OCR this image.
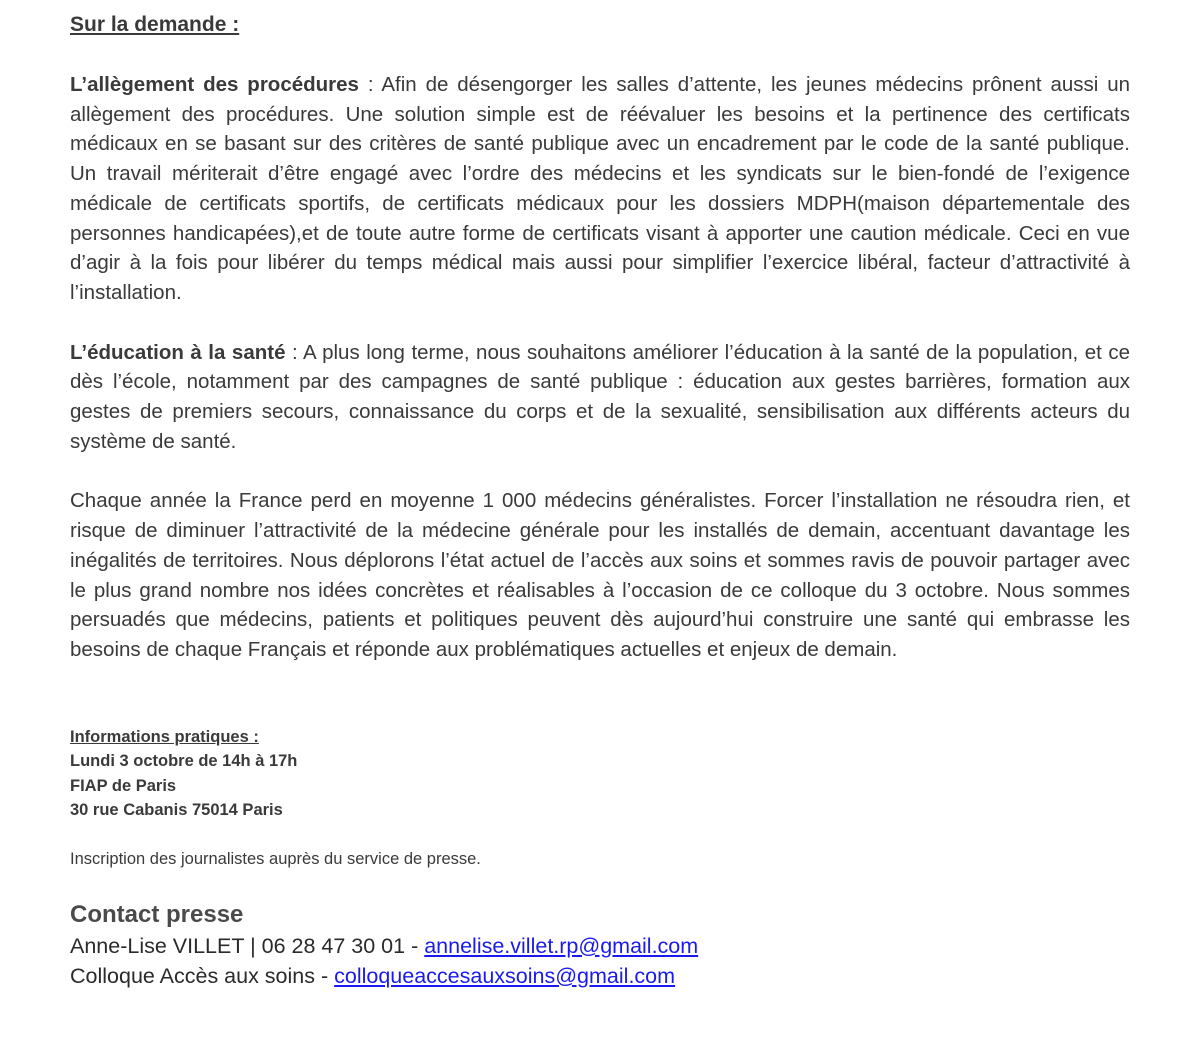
Sur la demande :

L’allègement des procédures : Afin de désengorger les salles d’attente, les jeunes médecins prônent aussi un allègement des procédures. Une solution simple est de réévaluer les besoins et la pertinence des certificats médicaux en se basant sur des critères de santé publique avec un encadrement par le code de la santé publique. Un travail mériterait d’être engagé avec l’ordre des médecins et les syndicats sur le bien-fondé de l’exigence médicale de certificats sportifs, de certificats médicaux pour les dossiers MDPH(maison départementale des personnes handicapées),et de toute autre forme de certificats visant à apporter une caution médicale. Ceci en vue d’agir à la fois pour libérer du temps médical mais aussi pour simplifier l’exercice libéral, facteur d’attractivité à l’installation.

L’éducation à la santé : A plus long terme, nous souhaitons améliorer l’éducation à la santé de la population, et ce dès l’école, notamment par des campagnes de santé publique : éducation aux gestes barrières, formation aux gestes de premiers secours, connaissance du corps et de la sexualité, sensibilisation aux différents acteurs du système de santé.

Chaque année la France perd en moyenne 1 000 médecins généralistes. Forcer l’installation ne résoudra rien, et risque de diminuer l’attractivité de la médecine générale pour les installés de demain, accentuant davantage les inégalités de territoires. Nous déplorons l’état actuel de l’accès aux soins et sommes ravis de pouvoir partager avec le plus grand nombre nos idées concrètes et réalisables à l’occasion de ce colloque du 3 octobre. Nous sommes persuadés que médecins, patients et politiques peuvent dès aujourd’hui construire une santé qui embrasse les besoins de chaque Français et réponde aux problématiques actuelles et enjeux de demain.

Informations pratiques :
Lundi 3 octobre de 14h à 17h
FIAP de Paris
30 rue Cabanis 75014 Paris
Inscription des journalistes auprès du service de presse.
Contact presse
Anne-Lise VILLET | 06 28 47 30 01 - annelise.villet.rp@gmail.com
Colloque Accès aux soins - colloqueaccesauxsoins@gmail.com
